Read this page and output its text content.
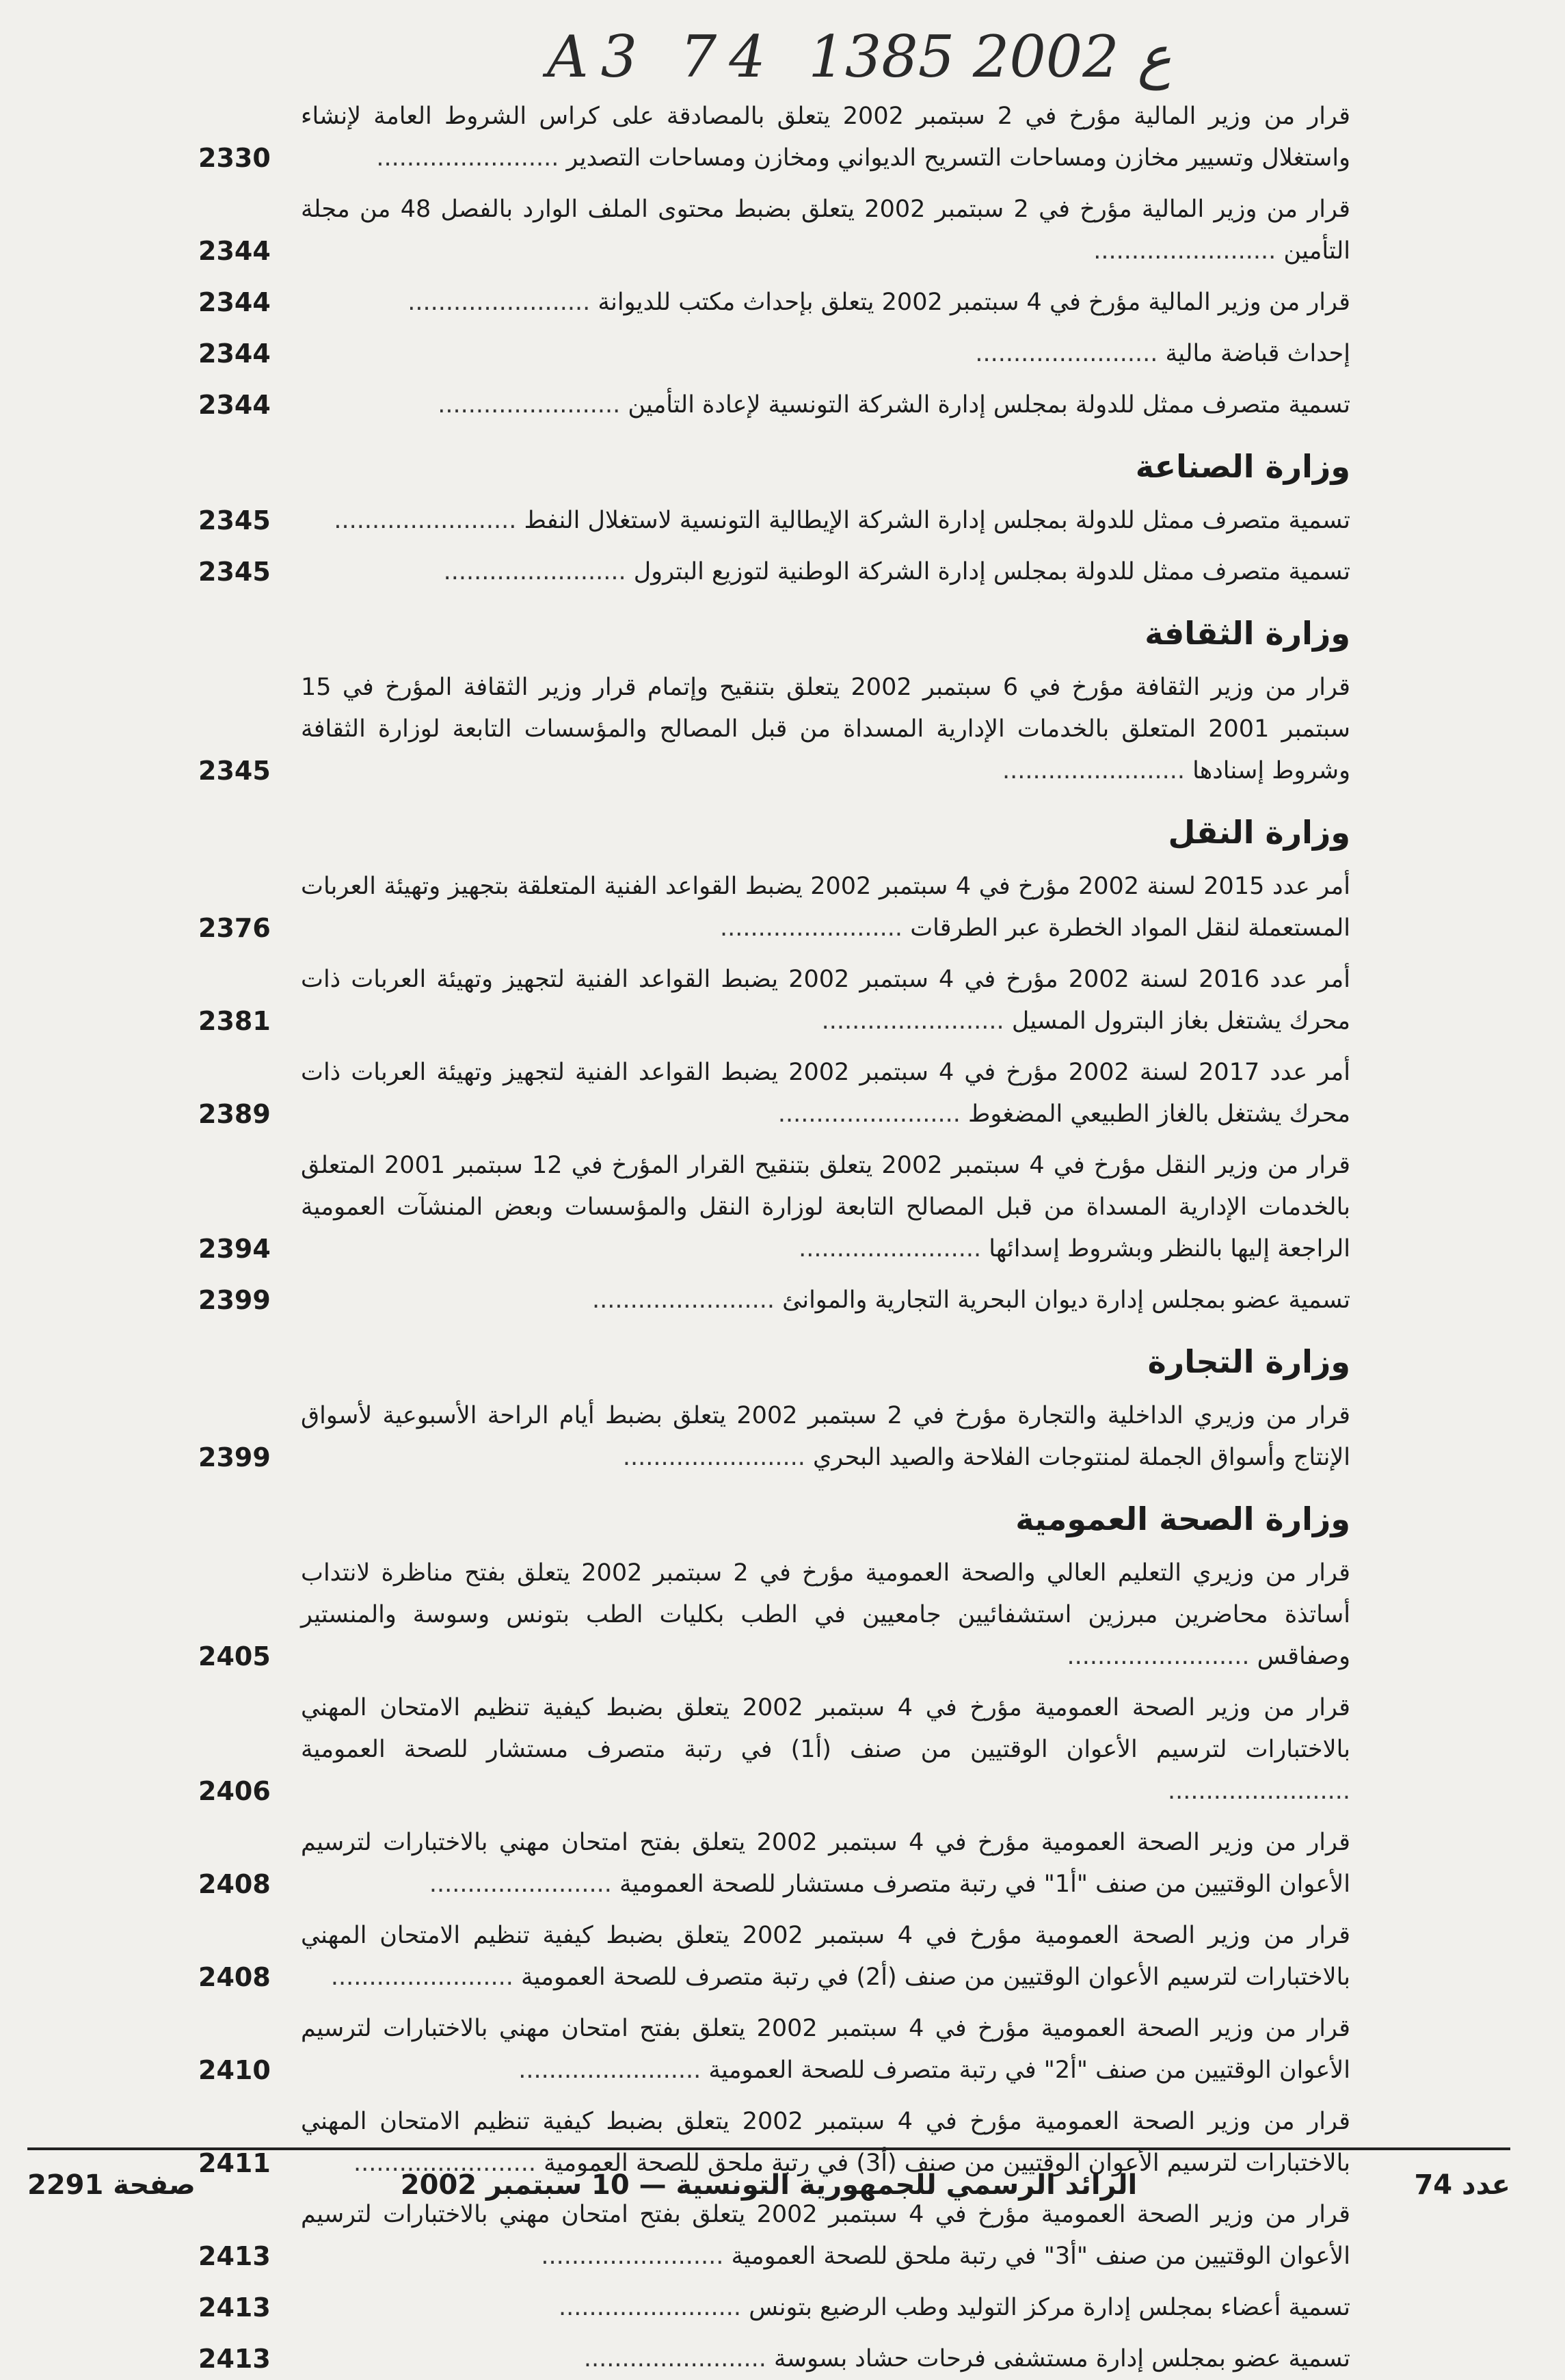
A3 74 ع 2002 1385
قرار من وزير المالية مؤرخ في 2 سبتمبر 2002 يتعلق بالمصادقة على كراس الشروط العامة لإنشاء واستغلال وتسيير مخازن ومساحات التسريح الديواني ومخازن ومساحات التصدير ........................
2330
قرار من وزير المالية مؤرخ في 2 سبتمبر 2002 يتعلق بضبط محتوى الملف الوارد بالفصل 48 من مجلة التأمين ........................
2344
قرار من وزير المالية مؤرخ في 4 سبتمبر 2002 يتعلق بإحداث مكتب للديوانة ........................
2344
إحداث قباضة مالية ........................
2344
تسمية متصرف ممثل للدولة بمجلس إدارة الشركة التونسية لإعادة التأمين ........................
2344
وزارة الصناعة
تسمية متصرف ممثل للدولة بمجلس إدارة الشركة الإيطالية التونسية لاستغلال النفط ........................
2345
تسمية متصرف ممثل للدولة بمجلس إدارة الشركة الوطنية لتوزيع البترول ........................
2345
وزارة الثقافة
قرار من وزير الثقافة مؤرخ في 6 سبتمبر 2002 يتعلق بتنقيح وإتمام قرار وزير الثقافة المؤرخ في 15 سبتمبر 2001 المتعلق بالخدمات الإدارية المسداة من قبل المصالح والمؤسسات التابعة لوزارة الثقافة وشروط إسنادها ........................
2345
وزارة النقل
أمر عدد 2015 لسنة 2002 مؤرخ في 4 سبتمبر 2002 يضبط القواعد الفنية المتعلقة بتجهيز وتهيئة العربات المستعملة لنقل المواد الخطرة عبر الطرقات ........................
2376
أمر عدد 2016 لسنة 2002 مؤرخ في 4 سبتمبر 2002 يضبط القواعد الفنية لتجهيز وتهيئة العربات ذات محرك يشتغل بغاز البترول المسيل ........................
2381
أمر عدد 2017 لسنة 2002 مؤرخ في 4 سبتمبر 2002 يضبط القواعد الفنية لتجهيز وتهيئة العربات ذات محرك يشتغل بالغاز الطبيعي المضغوط ........................
2389
قرار من وزير النقل مؤرخ في 4 سبتمبر 2002 يتعلق بتنقيح القرار المؤرخ في 12 سبتمبر 2001 المتعلق بالخدمات الإدارية المسداة من قبل المصالح التابعة لوزارة النقل والمؤسسات وبعض المنشآت العمومية الراجعة إليها بالنظر وبشروط إسدائها ........................
2394
تسمية عضو بمجلس إدارة ديوان البحرية التجارية والموانئ ........................
2399
وزارة التجارة
قرار من وزيري الداخلية والتجارة مؤرخ في 2 سبتمبر 2002 يتعلق بضبط أيام الراحة الأسبوعية لأسواق الإنتاج وأسواق الجملة لمنتوجات الفلاحة والصيد البحري ........................
2399
وزارة الصحة العمومية
قرار من وزيري التعليم العالي والصحة العمومية مؤرخ في 2 سبتمبر 2002 يتعلق بفتح مناظرة لانتداب أساتذة محاضرين مبرزين استشفائيين جامعيين في الطب بكليات الطب بتونس وسوسة والمنستير وصفاقس ........................
2405
قرار من وزير الصحة العمومية مؤرخ في 4 سبتمبر 2002 يتعلق بضبط كيفية تنظيم الامتحان المهني بالاختبارات لترسيم الأعوان الوقتيين من صنف (أ1) في رتبة متصرف مستشار للصحة العمومية ........................
2406
قرار من وزير الصحة العمومية مؤرخ في 4 سبتمبر 2002 يتعلق بفتح امتحان مهني بالاختبارات لترسيم الأعوان الوقتيين من صنف "أ1" في رتبة متصرف مستشار للصحة العمومية ........................
2408
قرار من وزير الصحة العمومية مؤرخ في 4 سبتمبر 2002 يتعلق بضبط كيفية تنظيم الامتحان المهني بالاختبارات لترسيم الأعوان الوقتيين من صنف (أ2) في رتبة متصرف للصحة العمومية ........................
2408
قرار من وزير الصحة العمومية مؤرخ في 4 سبتمبر 2002 يتعلق بفتح امتحان مهني بالاختبارات لترسيم الأعوان الوقتيين من صنف "أ2" في رتبة متصرف للصحة العمومية ........................
2410
قرار من وزير الصحة العمومية مؤرخ في 4 سبتمبر 2002 يتعلق بضبط كيفية تنظيم الامتحان المهني بالاختبارات لترسيم الأعوان الوقتيين من صنف (أ3) في رتبة ملحق للصحة العمومية ........................
2411
قرار من وزير الصحة العمومية مؤرخ في 4 سبتمبر 2002 يتعلق بفتح امتحان مهني بالاختبارات لترسيم الأعوان الوقتيين من صنف "أ3" في رتبة ملحق للصحة العمومية ........................
2413
تسمية أعضاء بمجلس إدارة مركز التوليد وطب الرضيع بتونس ........................
2413
تسمية عضو بمجلس إدارة مستشفى فرحات حشاد بسوسة ........................
2413
صفحة 2291	الرائد الرسمي للجمهورية التونسية — 10 سبتمبر 2002	عدد 74
